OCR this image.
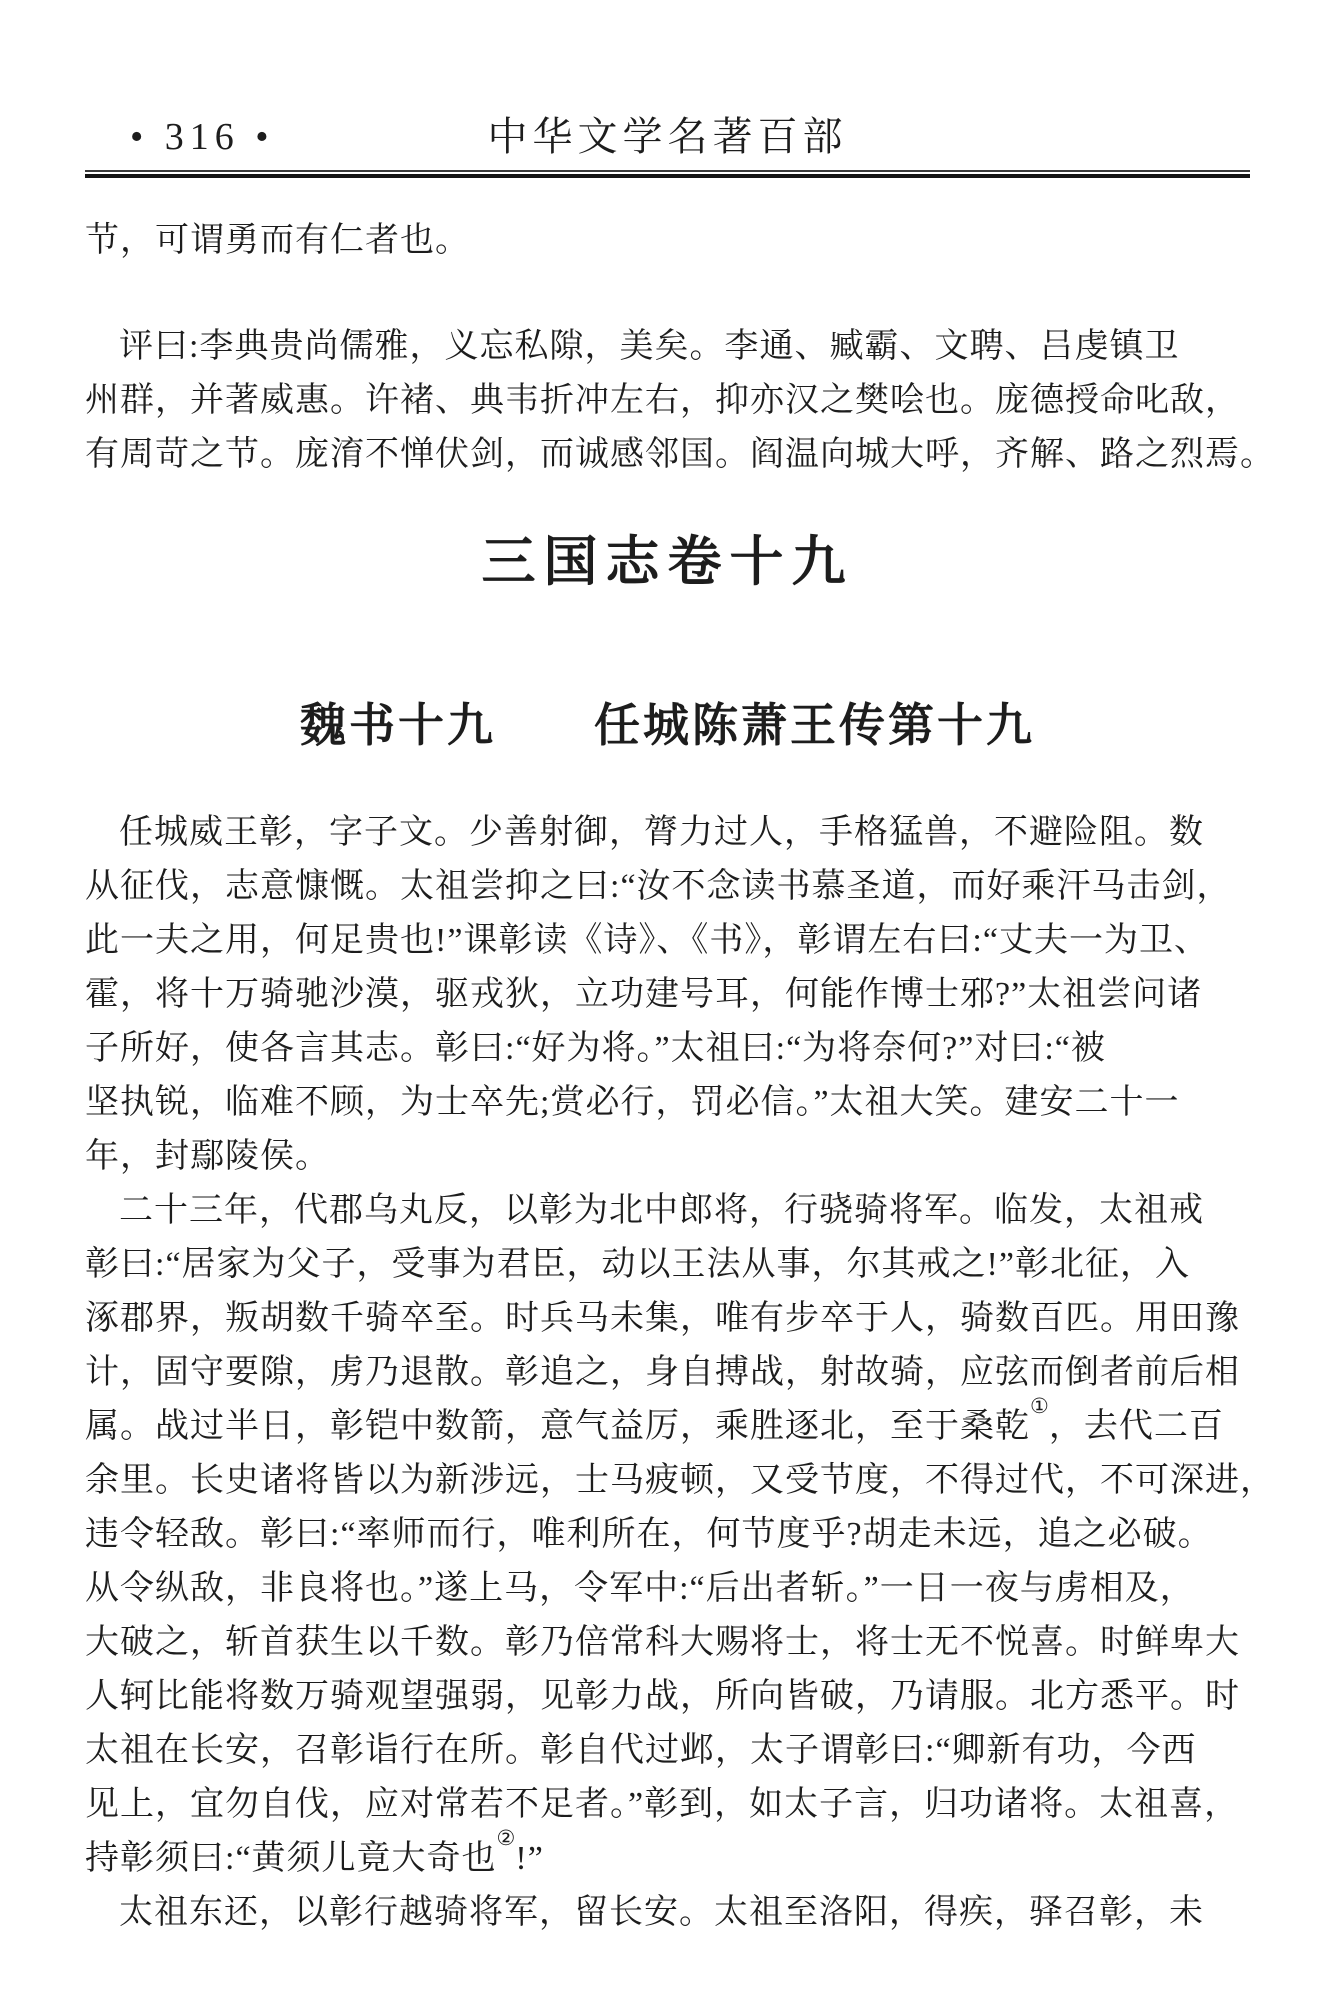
• 316 •	中华文学名著百部
节，可谓勇而有仁者也。
评曰:李典贵尚儒雅，义忘私隙，美矣。李通、臧霸、文聘、吕虔镇卫
州群，并著威惠。许褚、典韦折冲左右，抑亦汉之樊哙也。庞德授命叱敌，
有周苛之节。庞淯不惮伏剑，而诚感邻国。阎温向城大呼，齐解、路之烈焉。
三国志卷十九
魏书十九　　任城陈萧王传第十九
任城威王彰，字子文。少善射御，膂力过人，手格猛兽，不避险阻。数
从征伐，志意慷慨。太祖尝抑之曰:“汝不念读书慕圣道，而好乘汗马击剑，
此一夫之用，何足贵也!”课彰读《诗》、《书》，彰谓左右曰:“丈夫一为卫、
霍，将十万骑驰沙漠，驱戎狄，立功建号耳，何能作博士邪?”太祖尝问诸
子所好，使各言其志。彰曰:“好为将。”太祖曰:“为将奈何?”对曰:“被
坚执锐，临难不顾，为士卒先;赏必行，罚必信。”太祖大笑。建安二十一
年，封鄢陵侯。
二十三年，代郡乌丸反，以彰为北中郎将，行骁骑将军。临发，太祖戒
彰曰:“居家为父子，受事为君臣，动以王法从事，尔其戒之!”彰北征，入
涿郡界，叛胡数千骑卒至。时兵马未集，唯有步卒于人，骑数百匹。用田豫
计，固守要隙，虏乃退散。彰追之，身自搏战，射故骑，应弦而倒者前后相
属。战过半日，彰铠中数箭，意气益厉，乘胜逐北，至于桑乾①，去代二百
余里。长史诸将皆以为新涉远，士马疲顿，又受节度，不得过代，不可深进，
违令轻敌。彰曰:“率师而行，唯利所在，何节度乎?胡走未远，追之必破。
从令纵敌，非良将也。”遂上马，令军中:“后出者斩。”一日一夜与虏相及，
大破之，斩首获生以千数。彰乃倍常科大赐将士，将士无不悦喜。时鲜卑大
人轲比能将数万骑观望强弱，见彰力战，所向皆破，乃请服。北方悉平。时
太祖在长安，召彰诣行在所。彰自代过邺，太子谓彰曰:“卿新有功，今西
见上，宜勿自伐，应对常若不足者。”彰到，如太子言，归功诸将。太祖喜，
持彰须曰:“黄须儿竟大奇也②!”
太祖东还，以彰行越骑将军，留长安。太祖至洛阳，得疾，驿召彰，未
